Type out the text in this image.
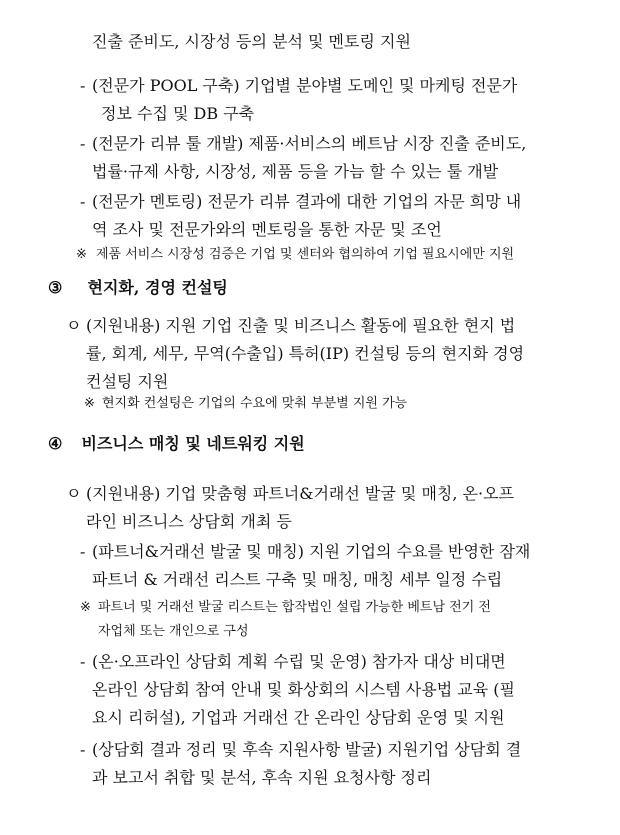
진출 준비도, 시장성 등의 분석 및 멘토링 지원
- (전문가 POOL 구축) 기업별 분야별 도메인 및 마케팅 전문가
정보 수집 및 DB 구축
- (전문가 리뷰 툴 개발) 제품·서비스의 베트남 시장 진출 준비도,
법률·규제 사항, 시장성, 제품 등을 가늠 할 수 있는 툴 개발
- (전문가 멘토링) 전문가 리뷰 결과에 대한 기업의 자문 희망 내
역 조사 및 전문가와의 멘토링을 통한 자문 및 조언
※ 제품 서비스 시장성 검증은 기업 및 센터와 협의하여 기업 필요시에만 지원
③ 현지화, 경영 컨설팅
ㅇ (지원내용) 지원 기업 진출 및 비즈니스 활동에 필요한 현지 법
률, 회계, 세무, 무역(수출입) 특허(IP) 컨설팅 등의 현지화 경영
컨설팅 지원
※ 현지화 컨설팅은 기업의 수요에 맞춰 부분별 지원 가능
④ 비즈니스 매칭 및 네트워킹 지원
ㅇ (지원내용) 기업 맞춤형 파트너&거래선 발굴 및 매칭, 온·오프
라인 비즈니스 상담회 개최 등
- (파트너&거래선 발굴 및 매칭) 지원 기업의 수요를 반영한 잠재
파트너 & 거래선 리스트 구축 및 매칭, 매칭 세부 일정 수립
※ 파트너 및 거래선 발굴 리스트는 합작법인 설립 가능한 베트남 전기 전
자업체 또는 개인으로 구성
- (온·오프라인 상담회 계획 수립 및 운영) 참가자 대상 비대면
온라인 상담회 참여 안내 및 화상회의 시스템 사용법 교육 (필
요시 리허설), 기업과 거래선 간 온라인 상담회 운영 및 지원
- (상담회 결과 정리 및 후속 지원사항 발굴) 지원기업 상담회 결
과 보고서 취합 및 분석, 후속 지원 요청사항 정리
